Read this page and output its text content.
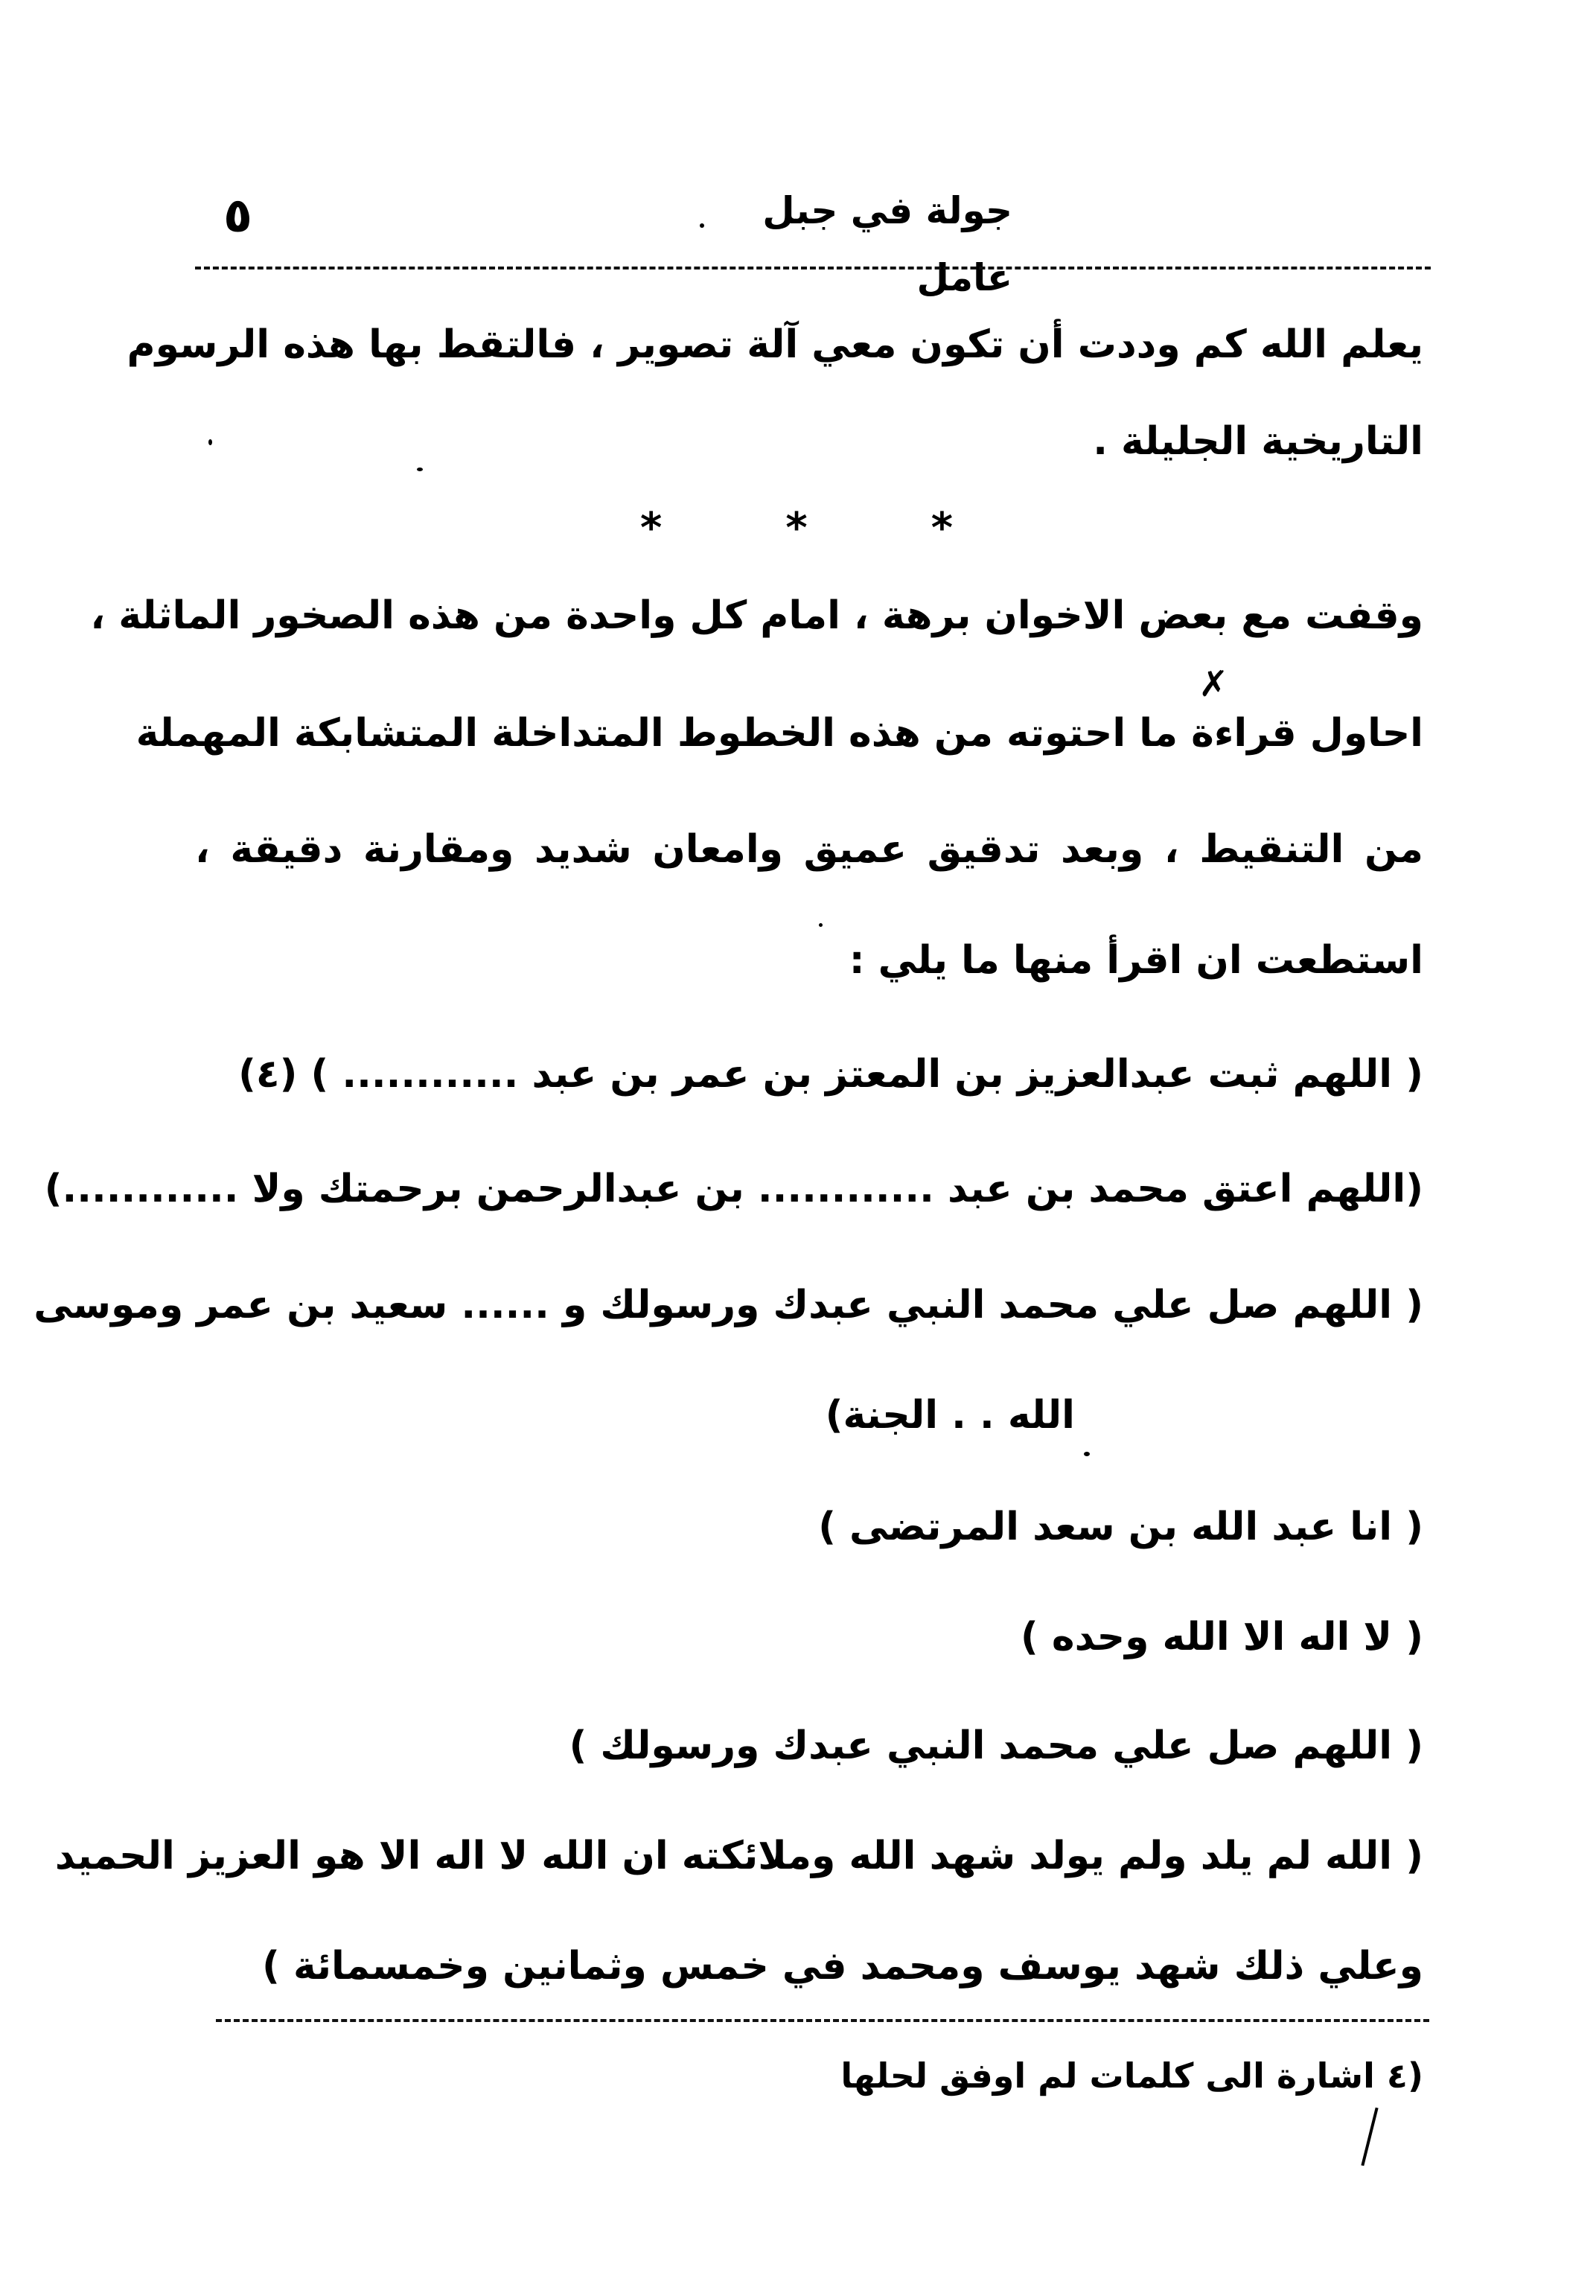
٥	جولة في جبل عامل
يعلم الله كم وددت أن تكون معي آلة تصوير ، فالتقط بها هذه الرسوم
التاريخية الجليلة .
*	*	*
وقفت مع بعض الاخوان برهة ، امام كل واحدة من هذه الصخور الماثلة ،
احاول قراءة ما احتوته من هذه الخطوط المتداخلة المتشابكة المهملة
من التنقيط ، وبعد تدقيق عميق وامعان شديد ومقارنة دقيقة ،
استطعت ان اقرأ منها ما يلي :
( اللهم ثبت عبدالعزيز بن المعتز بن عمر بن عبد ............ ) (٤)
(اللهم اعتق محمد بن عبد ............ بن عبدالرحمن برحمتك ولا ............)
( اللهم صل علي محمد النبي عبدك ورسولك و ...... سعيد بن عمر وموسى
الله . . الجنة)
( انا عبد الله بن سعد المرتضى )
( لا اله الا الله وحده )
( اللهم صل علي محمد النبي عبدك ورسولك )
( الله لم يلد ولم يولد شهد الله وملائكته ان الله لا اله الا هو العزيز الحميد
وعلي ذلك شهد يوسف ومحمد في خمس وثمانين وخمسمائة )
(٤ اشارة الى كلمات لم اوفق لحلها
✗
